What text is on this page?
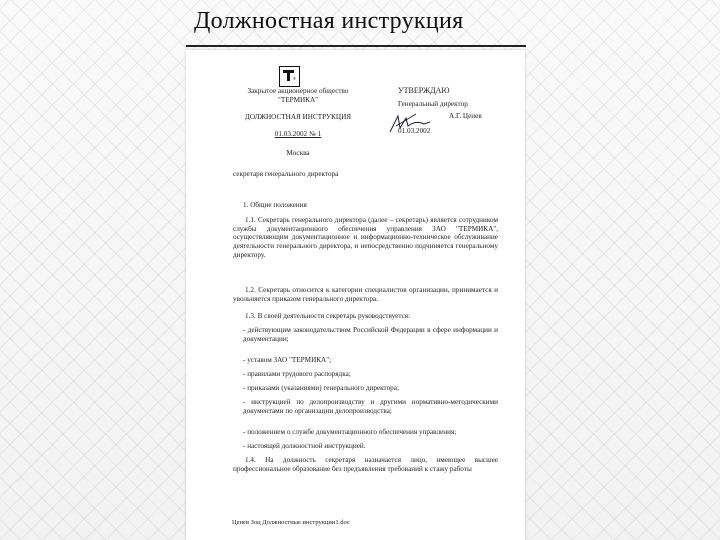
Должностная инструкция
®
Закрытое акционерное общество
"ТЕРМИКА"
ДОЛЖНОСТНАЯ ИНСТРУКЦИЯ
01.03.2002 № 1
Москва
секретаря генерального директора
УТВЕРЖДАЮ
Генеральный директор
А.Г. Ценев
01.03.2002
1. Общие положения
1.1. Секретарь генерального директора (далее – секретарь) является сотрудником службы документационного обеспечения управления ЗАО "ТЕРМИКА", осуществляющим документационное и информационно-техническое обслуживание деятельности генерального директора, и непосредственно подчиняется генеральному директору.
1.2. Секретарь относится к категории специалистов организации, принимается и увольняется приказом генерального директора.
1.3. В своей деятельности секретарь руководствуется:
- действующим законодательством Российской Федерации в сфере информации и документации;
- уставом ЗАО "ТЕРМИКА";
- правилами трудового распорядка;
- приказами (указаниями) генерального директора;
- инструкцией по делопроизводству и другими нормативно-методическими документами по организации делопроизводства;
- положением о службе документационного обеспечения управления;
- настоящей должностной инструкцией.
1.4. На должность секретаря назначается лицо, имеющее высшее профессиональное образование без предъявления требований к стажу работы
Ценев Зоц Должностные инструкции1.doc
